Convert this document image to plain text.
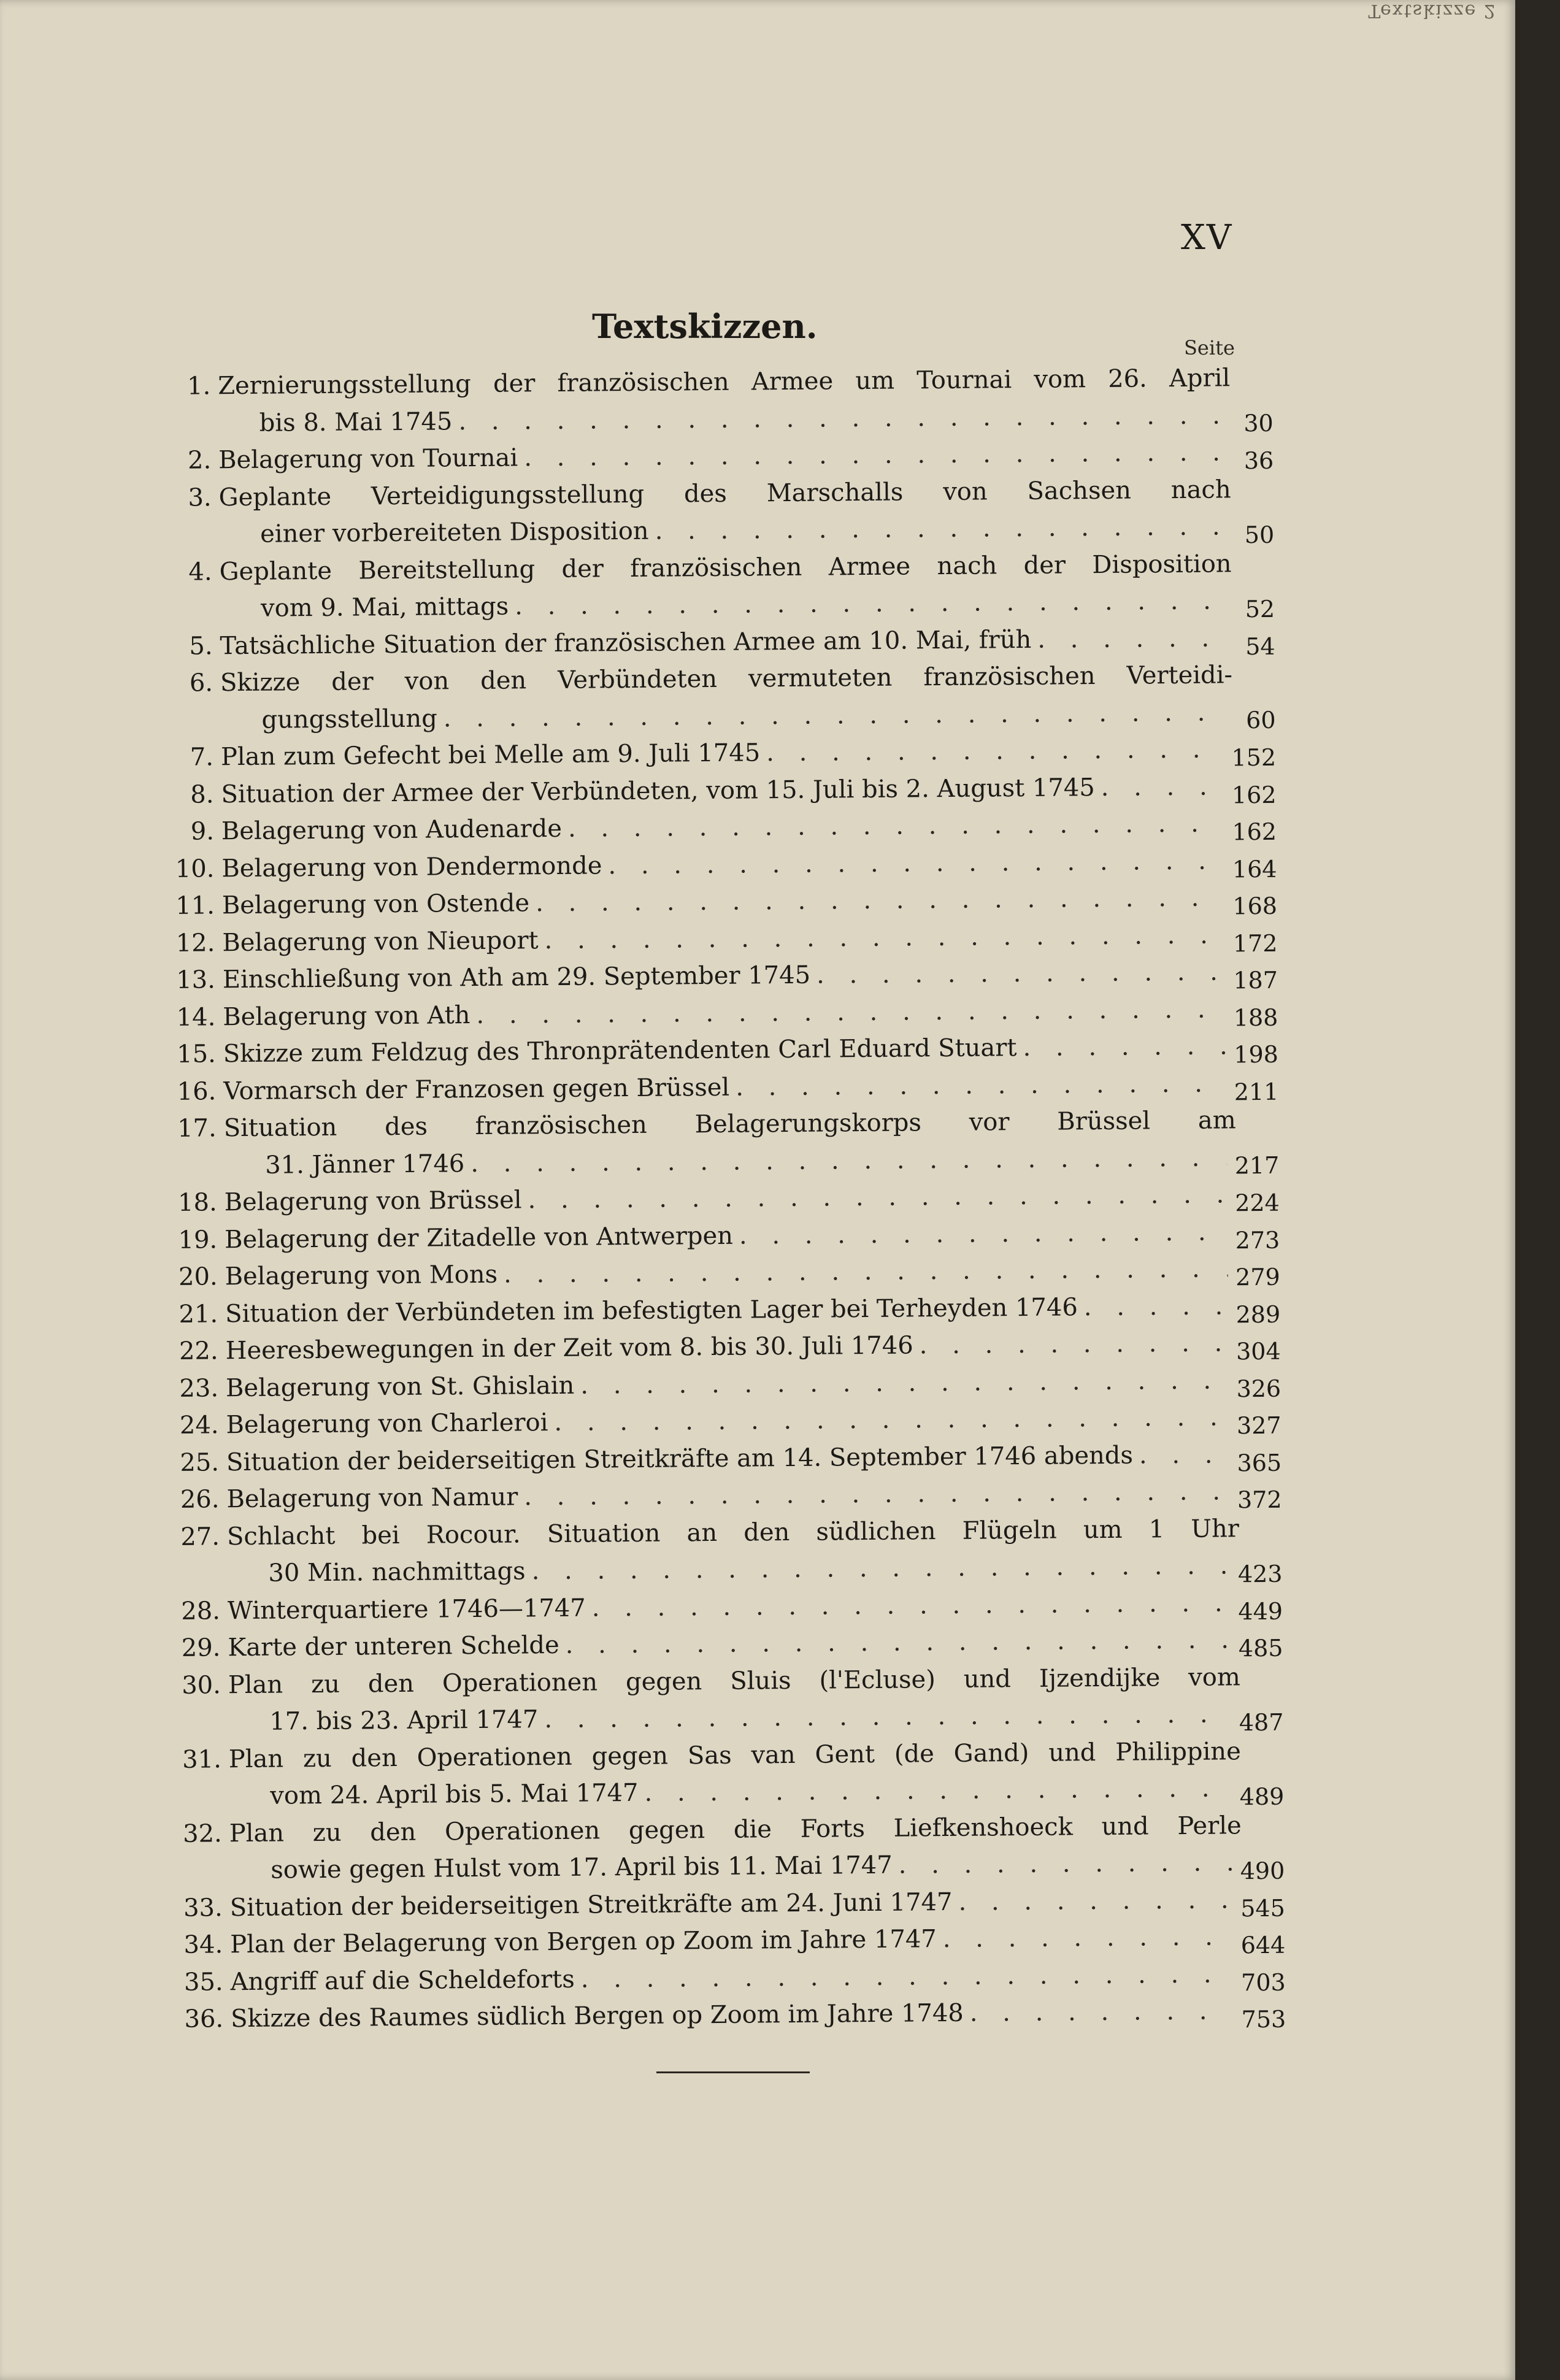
Textskizze 2
XV
Textskizzen.
Seite
1. Zernierungsstellung der französischen Armee um Tournai vom 26. April
bis 8. Mai 1745 . . .	30
2. Belagerung von Tournai . . .	36
3. Geplante Verteidigungsstellung des Marschalls von Sachsen nach
einer vorbereiteten Disposition . . .	50
4. Geplante Bereitstellung der französischen Armee nach der Disposition
vom 9. Mai, mittags . . .	52
5. Tatsächliche Situation der französischen Armee am 10. Mai, früh . . .	54
6. Skizze der von den Verbündeten vermuteten französischen Verteidi-
gungsstellung . . .	60
7. Plan zum Gefecht bei Melle am 9. Juli 1745 . . .	152
8. Situation der Armee der Verbündeten, vom 15. Juli bis 2. August 1745 . . .	162
9. Belagerung von Audenarde . . .	162
10. Belagerung von Dendermonde . . .	164
11. Belagerung von Ostende . . .	168
12. Belagerung von Nieuport . . .	172
13. Einschließung von Ath am 29. September 1745 . . .	187
14. Belagerung von Ath . . .	188
15. Skizze zum Feldzug des Thronprätendenten Carl Eduard Stuart . . .	198
16. Vormarsch der Franzosen gegen Brüssel . . .	211
17. Situation des französischen Belagerungskorps vor Brüssel am
31. Jänner 1746 . . .	217
18. Belagerung von Brüssel . . .	224
19. Belagerung der Zitadelle von Antwerpen . . .	273
20. Belagerung von Mons . . .	279
21. Situation der Verbündeten im befestigten Lager bei Terheyden 1746 . . .	289
22. Heeresbewegungen in der Zeit vom 8. bis 30. Juli 1746 . . .	304
23. Belagerung von St. Ghislain . . .	326
24. Belagerung von Charleroi . . .	327
25. Situation der beiderseitigen Streitkräfte am 14. September 1746 abends . . .	365
26. Belagerung von Namur . . .	372
27. Schlacht bei Rocour. Situation an den südlichen Flügeln um 1 Uhr
30 Min. nachmittags . . .	423
28. Winterquartiere 1746—1747 . . .	449
29. Karte der unteren Schelde . . .	485
30. Plan zu den Operationen gegen Sluis (l'Ecluse) und Ijzendijke vom
17. bis 23. April 1747 . . .	487
31. Plan zu den Operationen gegen Sas van Gent (de Gand) und Philippine
vom 24. April bis 5. Mai 1747 . . .	489
32. Plan zu den Operationen gegen die Forts Liefkenshoeck und Perle
sowie gegen Hulst vom 17. April bis 11. Mai 1747 . . .	490
33. Situation der beiderseitigen Streitkräfte am 24. Juni 1747 . . .	545
34. Plan der Belagerung von Bergen op Zoom im Jahre 1747 . . .	644
35. Angriff auf die Scheldeforts . . .	703
36. Skizze des Raumes südlich Bergen op Zoom im Jahre 1748 . . .	753
